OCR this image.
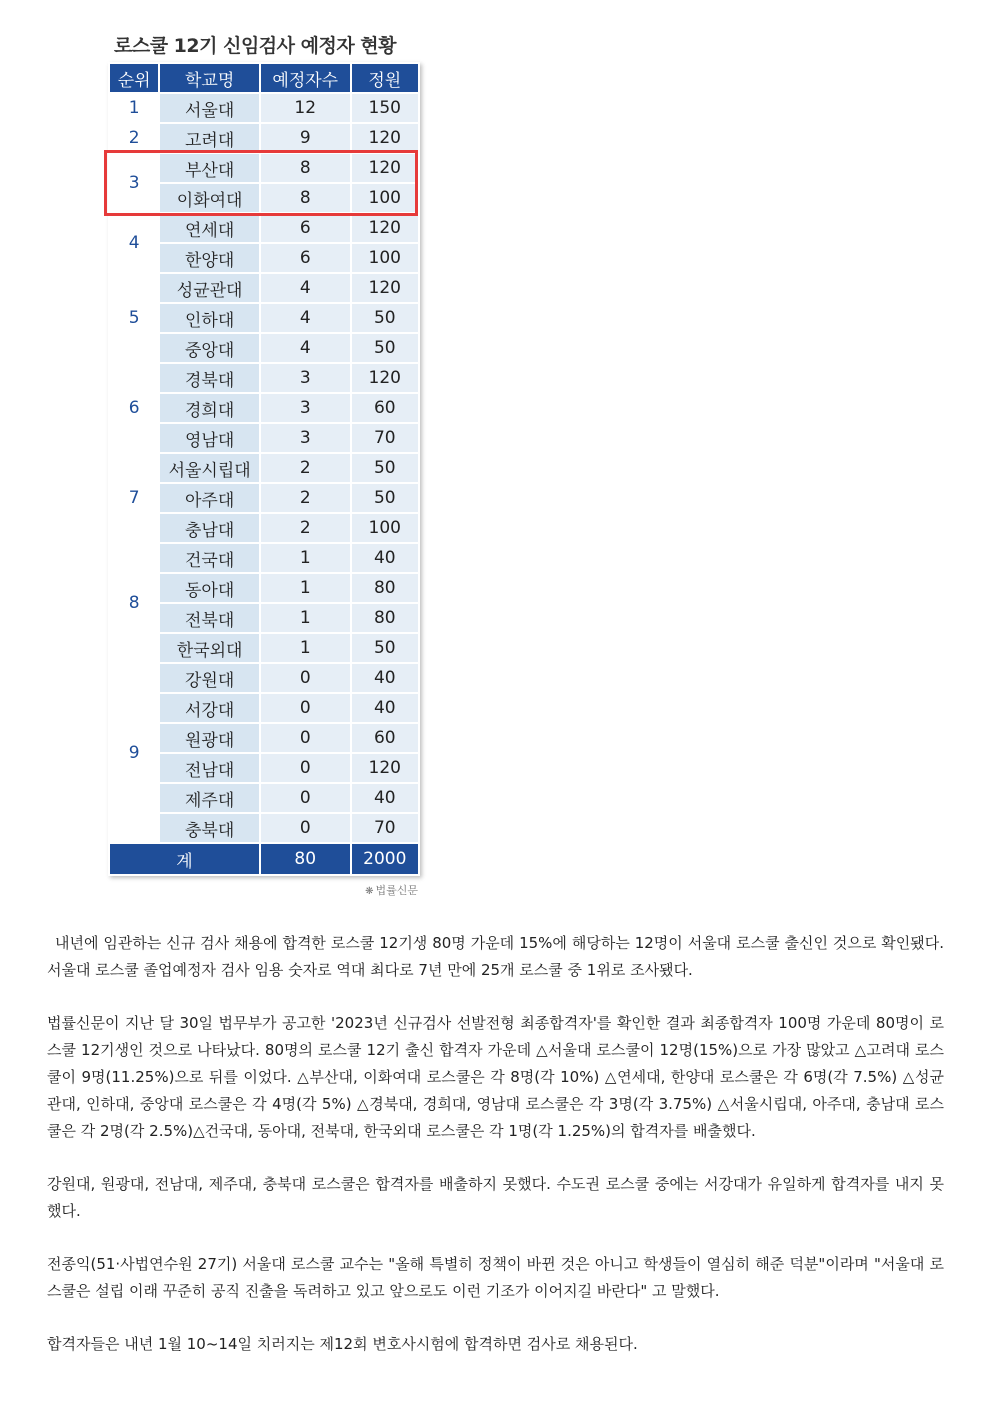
로스쿨 12기 신임검사 예정자 현황
순위	학교명	예정자수	정원
1	서울대	12	150
2	고려대	9	120
3	부산대	8	120
	이화여대	8	100
4	연세대	6	120
	한양대	6	100
5	성균관대	4	120
	인하대	4	50
	중앙대	4	50
6	경북대	3	120
	경희대	3	60
	영남대	3	70
7	서울시립대	2	50
	아주대	2	50
	충남대	2	100
8	건국대	1	40
	동아대	1	80
	전북대	1	80
	한국외대	1	50
9	강원대	0	40
	서강대	0	40
	원광대	0	60
	전남대	0	120
	제주대	0	40
	충북대	0	70
계		80	2000
❋ 법률신문

내년에 임관하는 신규 검사 채용에 합격한 로스쿨 12기생 80명 가운데 15%에 해당하는 12명이 서울대 로스쿨 출신인 것으로 확인됐다. 서울대 로스쿨 졸업예정자 검사 임용 숫자로 역대 최다로 7년 만에 25개 로스쿨 중 1위로 조사됐다.

법률신문이 지난 달 30일 법무부가 공고한 '2023년 신규검사 선발전형 최종합격자'를 확인한 결과 최종합격자 100명 가운데 80명이 로스쿨 12기생인 것으로 나타났다. 80명의 로스쿨 12기 출신 합격자 가운데 △서울대 로스쿨이 12명(15%)으로 가장 많았고 △고려대 로스쿨이 9명(11.25%)으로 뒤를 이었다. △부산대, 이화여대 로스쿨은 각 8명(각 10%) △연세대, 한양대 로스쿨은 각 6명(각 7.5%) △성균관대, 인하대, 중앙대 로스쿨은 각 4명(각 5%) △경북대, 경희대, 영남대 로스쿨은 각 3명(각 3.75%) △서울시립대, 아주대, 충남대 로스쿨은 각 2명(각 2.5%)△건국대, 동아대, 전북대, 한국외대 로스쿨은 각 1명(각 1.25%)의 합격자를 배출했다.

강원대, 원광대, 전남대, 제주대, 충북대 로스쿨은 합격자를 배출하지 못했다. 수도권 로스쿨 중에는 서강대가 유일하게 합격자를 내지 못했다.

전종익(51·사법연수원 27기) 서울대 로스쿨 교수는 "올해 특별히 정책이 바뀐 것은 아니고 학생들이 열심히 해준 덕분"이라며 "서울대 로스쿨은 설립 이래 꾸준히 공직 진출을 독려하고 있고 앞으로도 이런 기조가 이어지길 바란다" 고 말했다.

합격자들은 내년 1월 10~14일 치러지는 제12회 변호사시험에 합격하면 검사로 채용된다.
